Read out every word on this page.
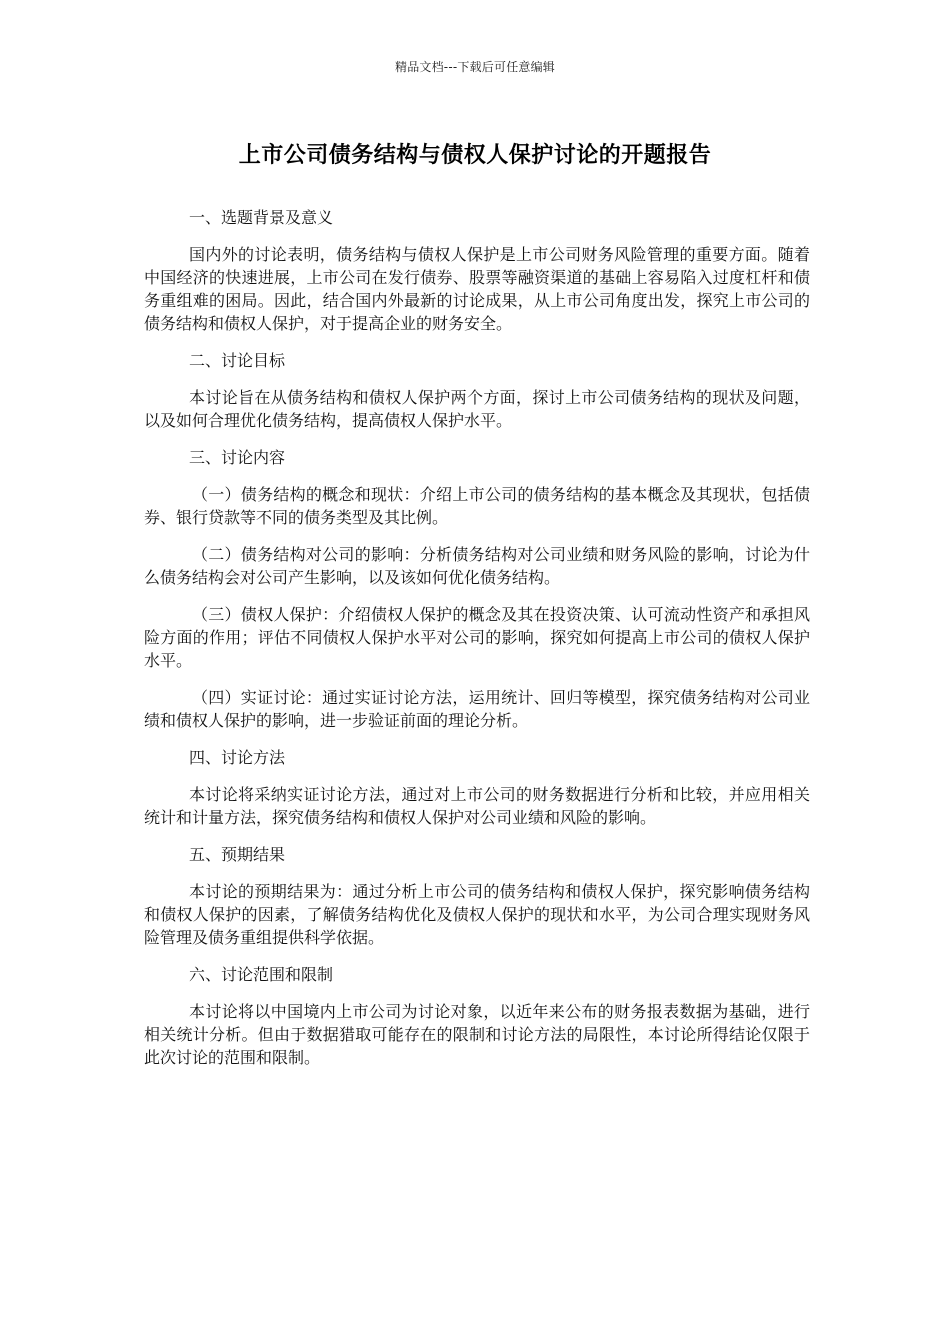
精品文档---下载后可任意编辑
上市公司债务结构与债权人保护讨论的开题报告
一、选题背景及意义
国内外的讨论表明，债务结构与债权人保护是上市公司财务风险管理的重要方面。随着中国经济的快速进展，上市公司在发行债券、股票等融资渠道的基础上容易陷入过度杠杆和债务重组难的困局。因此，结合国内外最新的讨论成果，从上市公司角度出发，探究上市公司的债务结构和债权人保护，对于提高企业的财务安全。
二、讨论目标
本讨论旨在从债务结构和债权人保护两个方面，探讨上市公司债务结构的现状及问题，以及如何合理优化债务结构，提高债权人保护水平。
三、讨论内容
（一）债务结构的概念和现状：介绍上市公司的债务结构的基本概念及其现状，包括债券、银行贷款等不同的债务类型及其比例。
（二）债务结构对公司的影响：分析债务结构对公司业绩和财务风险的影响，讨论为什么债务结构会对公司产生影响，以及该如何优化债务结构。
（三）债权人保护：介绍债权人保护的概念及其在投资决策、认可流动性资产和承担风险方面的作用；评估不同债权人保护水平对公司的影响，探究如何提高上市公司的债权人保护水平。
（四）实证讨论：通过实证讨论方法，运用统计、回归等模型，探究债务结构对公司业绩和债权人保护的影响，进一步验证前面的理论分析。
四、讨论方法
本讨论将采纳实证讨论方法，通过对上市公司的财务数据进行分析和比较，并应用相关统计和计量方法，探究债务结构和债权人保护对公司业绩和风险的影响。
五、预期结果
本讨论的预期结果为：通过分析上市公司的债务结构和债权人保护，探究影响债务结构和债权人保护的因素，了解债务结构优化及债权人保护的现状和水平，为公司合理实现财务风险管理及债务重组提供科学依据。
六、讨论范围和限制
本讨论将以中国境内上市公司为讨论对象，以近年来公布的财务报表数据为基础，进行相关统计分析。但由于数据猎取可能存在的限制和讨论方法的局限性，本讨论所得结论仅限于此次讨论的范围和限制。
